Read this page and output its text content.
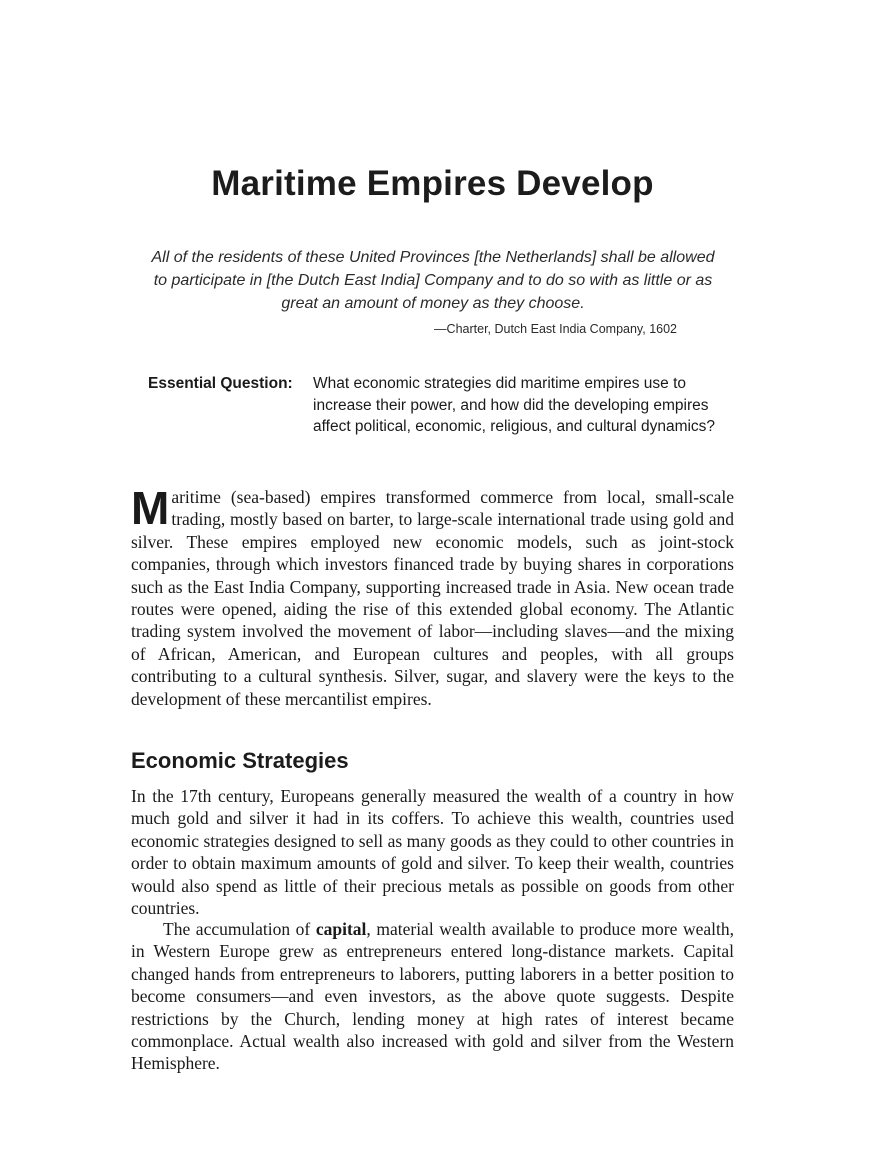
Maritime Empires Develop

All of the residents of these United Provinces [the Netherlands] shall be allowed to participate in [the Dutch East India] Company and to do so with as little or as great an amount of money as they choose.

—Charter, Dutch East India Company, 1602
Essential Question: What economic strategies did maritime empires use to increase their power, and how did the developing empires affect political, economic, religious, and cultural dynamics?

Maritime (sea-based) empires transformed commerce from local, small-scale trading, mostly based on barter, to large-scale international trade using gold and silver. These empires employed new economic models, such as joint-stock companies, through which investors financed trade by buying shares in corporations such as the East India Company, supporting increased trade in Asia. New ocean trade routes were opened, aiding the rise of this extended global economy. The Atlantic trading system involved the movement of labor—including slaves—and the mixing of African, American, and European cultures and peoples, with all groups contributing to a cultural synthesis. Silver, sugar, and slavery were the keys to the development of these mercantilist empires.

Economic Strategies

In the 17th century, Europeans generally measured the wealth of a country in how much gold and silver it had in its coffers. To achieve this wealth, countries used economic strategies designed to sell as many goods as they could to other countries in order to obtain maximum amounts of gold and silver. To keep their wealth, countries would also spend as little of their precious metals as possible on goods from other countries.

The accumulation of capital, material wealth available to produce more wealth, in Western Europe grew as entrepreneurs entered long-distance markets. Capital changed hands from entrepreneurs to laborers, putting laborers in a better position to become consumers—and even investors, as the above quote suggests. Despite restrictions by the Church, lending money at high rates of interest became commonplace. Actual wealth also increased with gold and silver from the Western Hemisphere.
